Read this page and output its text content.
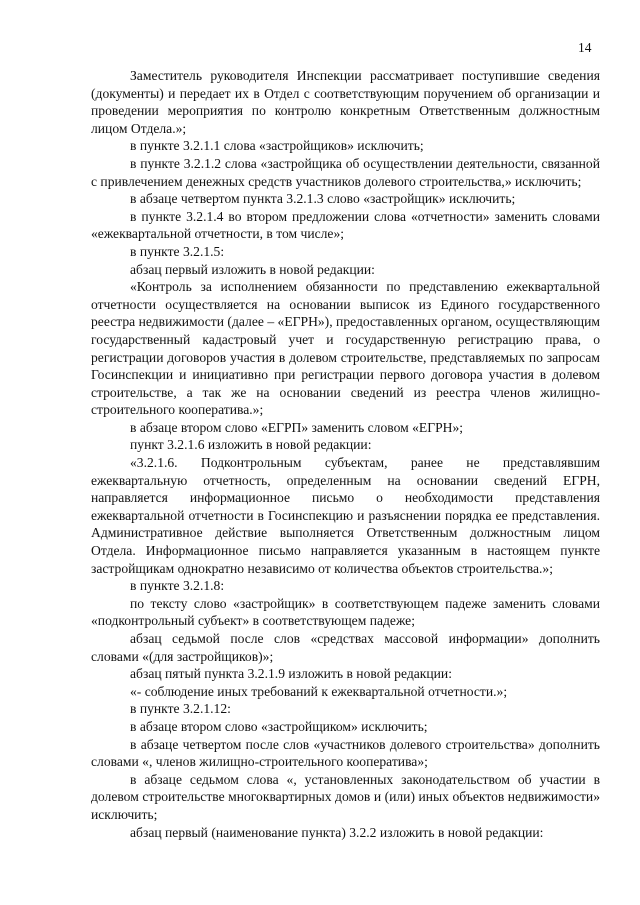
14

Заместитель руководителя Инспекции рассматривает поступившие сведения (документы) и передает их в Отдел с соответствующим поручением об организации и проведении мероприятия по контролю конкретным Ответственным должностным лицом Отдела.»;

в пункте 3.2.1.1 слова «застройщиков» исключить;

в пункте 3.2.1.2 слова «застройщика об осуществлении деятельности, связанной с привлечением денежных средств участников долевого строительства,» исключить;

в абзаце четвертом пункта 3.2.1.3 слово «застройщик» исключить;

в пункте 3.2.1.4 во втором предложении слова «отчетности» заменить словами «ежеквартальной отчетности, в том числе»;

в пункте 3.2.1.5:

абзац первый изложить в новой редакции:

«Контроль за исполнением обязанности по представлению ежеквартальной отчетности осуществляется на основании выписок из Единого государственного реестра недвижимости (далее – «ЕГРН»), предоставленных органом, осуществляющим государственный кадастровый учет и государственную регистрацию права, о регистрации договоров участия в долевом строительстве, представляемых по запросам Госинспекции и инициативно при регистрации первого договора участия в долевом строительстве, а так же на основании сведений из реестра членов жилищно-строительного кооператива.»;

в абзаце втором слово «ЕГРП» заменить словом «ЕГРН»;

пункт 3.2.1.6 изложить в новой редакции:

«3.2.1.6. Подконтрольным субъектам, ранее не представлявшим ежеквартальную отчетность, определенным на основании сведений ЕГРН, направляется информационное письмо о необходимости представления ежеквартальной отчетности в Госинспекцию и разъяснении порядка ее представления. Административное действие выполняется Ответственным должностным лицом Отдела. Информационное письмо направляется указанным в настоящем пункте застройщикам однократно независимо от количества объектов строительства.»;

в пункте 3.2.1.8:

по тексту слово «застройщик» в соответствующем падеже заменить словами «подконтрольный субъект» в соответствующем падеже;

абзац седьмой после слов «средствах массовой информации» дополнить словами «(для застройщиков)»;

абзац пятый пункта 3.2.1.9 изложить в новой редакции:

«- соблюдение иных требований к ежеквартальной отчетности.»;

в пункте 3.2.1.12:

в абзаце втором слово «застройщиком» исключить;

в абзаце четвертом после слов «участников долевого строительства» дополнить словами «, членов жилищно-строительного кооператива»;

в абзаце седьмом слова «, установленных законодательством об участии в долевом строительстве многоквартирных домов и (или) иных объектов недвижимости» исключить;

абзац первый (наименование пункта) 3.2.2 изложить в новой редакции:
